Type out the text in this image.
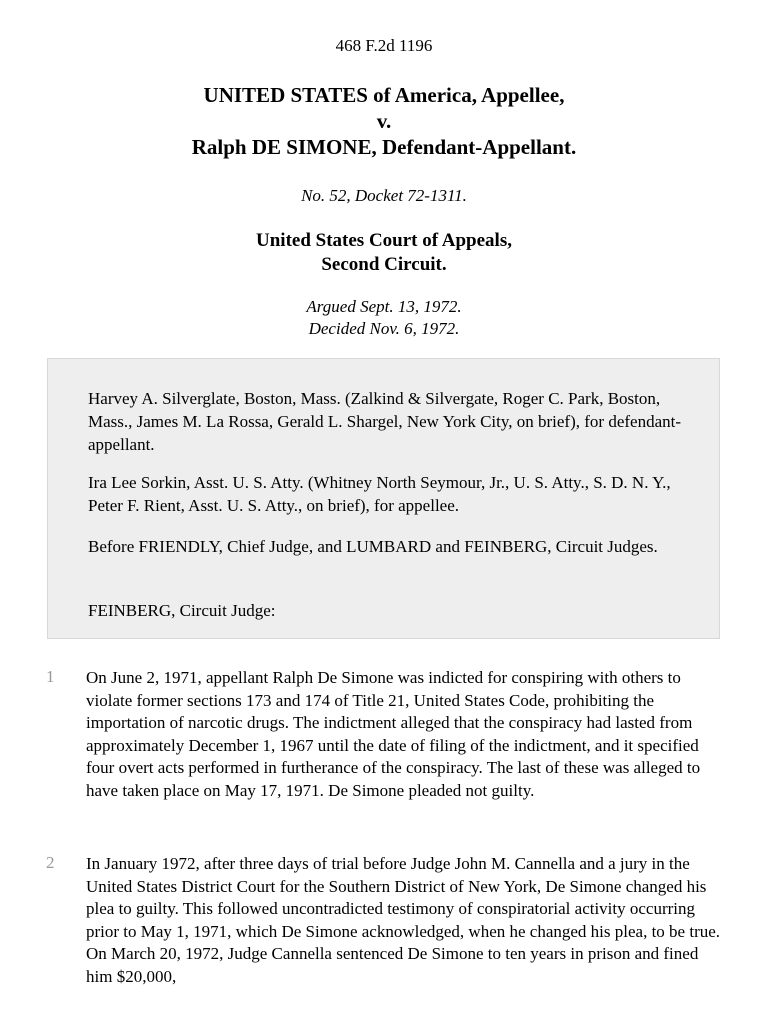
468 F.2d 1196
UNITED STATES of America, Appellee,
v.
Ralph DE SIMONE, Defendant-Appellant.
No. 52, Docket 72-1311.
United States Court of Appeals,
Second Circuit.
Argued Sept. 13, 1972.
Decided Nov. 6, 1972.

Harvey A. Silverglate, Boston, Mass. (Zalkind & Silvergate, Roger C. Park, Boston, Mass., James M. La Rossa, Gerald L. Shargel, New York City, on brief), for defendant-appellant.

Ira Lee Sorkin, Asst. U. S. Atty. (Whitney North Seymour, Jr., U. S. Atty., S. D. N. Y., Peter F. Rient, Asst. U. S. Atty., on brief), for appellee.

Before FRIENDLY, Chief Judge, and LUMBARD and FEINBERG, Circuit Judges.

FEINBERG, Circuit Judge:

1 On June 2, 1971, appellant Ralph De Simone was indicted for conspiring with others to violate former sections 173 and 174 of Title 21, United States Code, prohibiting the importation of narcotic drugs. The indictment alleged that the conspiracy had lasted from approximately December 1, 1967 until the date of filing of the indictment, and it specified four overt acts performed in furtherance of the conspiracy. The last of these was alleged to have taken place on May 17, 1971. De Simone pleaded not guilty.

2 In January 1972, after three days of trial before Judge John M. Cannella and a jury in the United States District Court for the Southern District of New York, De Simone changed his plea to guilty. This followed uncontradicted testimony of conspiratorial activity occurring prior to May 1, 1971, which De Simone acknowledged, when he changed his plea, to be true. On March 20, 1972, Judge Cannella sentenced De Simone to ten years in prison and fined him $20,000,
